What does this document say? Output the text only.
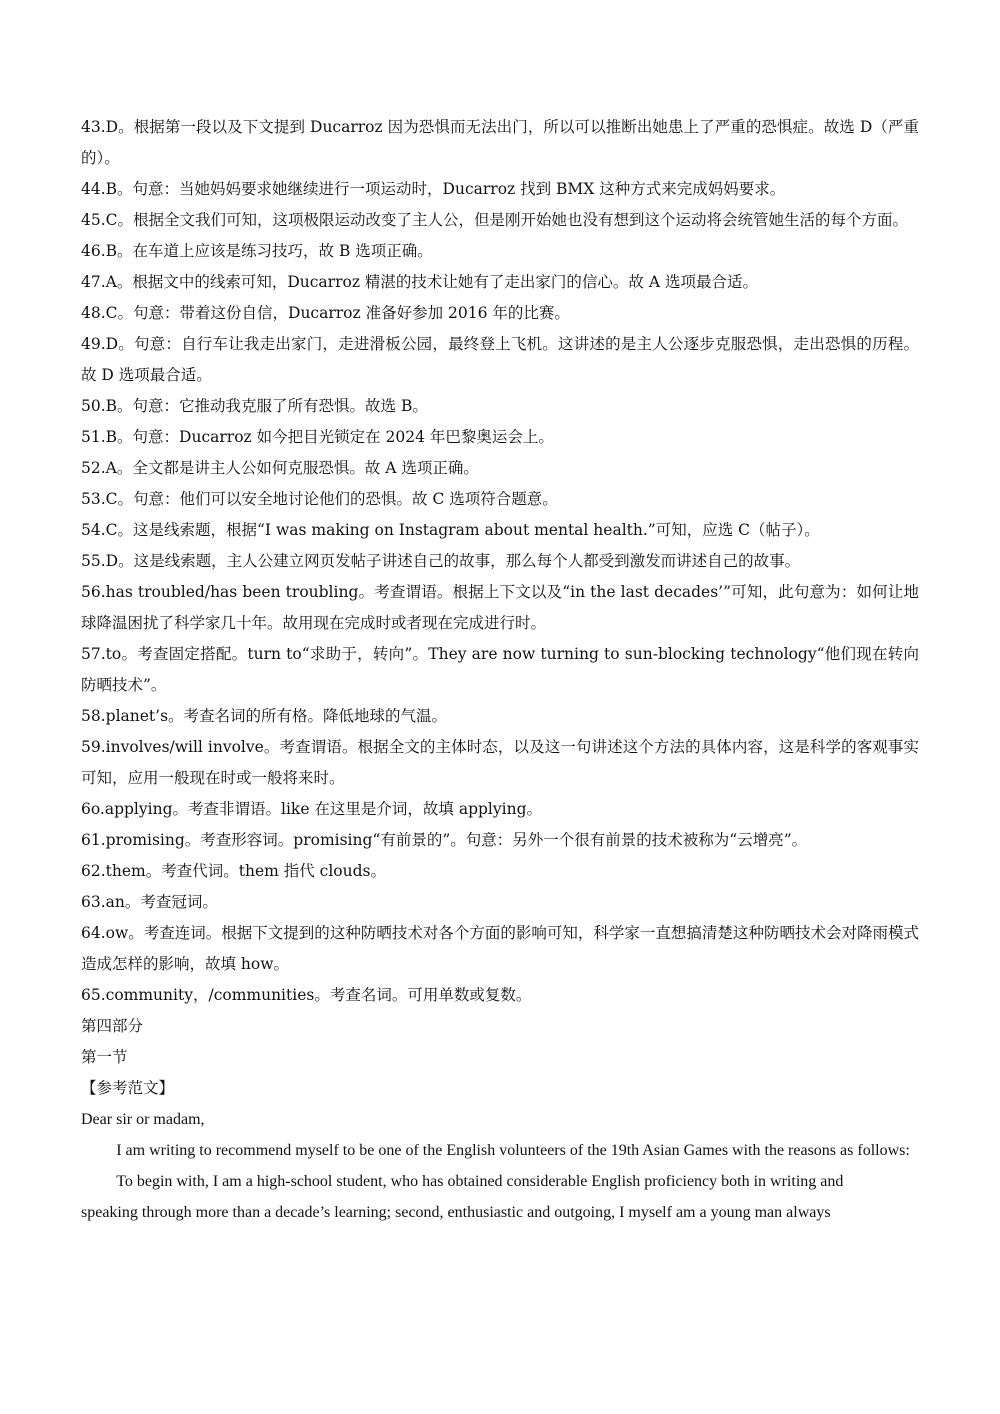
43.D。根据第一段以及下文提到 Ducarroz 因为恐惧而无法出门，所以可以推断出她患上了严重的恐惧症。故选 D（严重的）。
44.B。句意：当她妈妈要求她继续进行一项运动时，Ducarroz 找到 BMX 这种方式来完成妈妈要求。
45.C。根据全文我们可知，这项极限运动改变了主人公，但是刚开始她也没有想到这个运动将会统管她生活的每个方面。
46.B。在车道上应该是练习技巧，故 B 选项正确。
47.A。根据文中的线索可知，Ducarroz 精湛的技术让她有了走出家门的信心。故 A 选项最合适。
48.C。句意：带着这份自信，Ducarroz 准备好参加 2016 年的比赛。
49.D。句意：自行车让我走出家门，走进滑板公园，最终登上飞机。这讲述的是主人公逐步克服恐惧，走出恐惧的历程。故 D 选项最合适。
50.B。句意：它推动我克服了所有恐惧。故选 B。
51.B。句意：Ducarroz 如今把目光锁定在 2024 年巴黎奥运会上。
52.A。全文都是讲主人公如何克服恐惧。故 A 选项正确。
53.C。句意：他们可以安全地讨论他们的恐惧。故 C 选项符合题意。
54.C。这是线索题，根据“I was making on Instagram about mental health.”可知，应选 C（帖子）。
55.D。这是线索题，主人公建立网页发帖子讲述自己的故事，那么每个人都受到激发而讲述自己的故事。
56.has troubled/has been troubling。考查谓语。根据上下文以及“in the last decades’”可知，此句意为：如何让地球降温困扰了科学家几十年。故用现在完成时或者现在完成进行时。
57.to。考查固定搭配。turn to“求助于，转向”。They are now turning to sun-blocking technology“他们现在转向防晒技术”。
58.planet’s。考查名词的所有格。降低地球的气温。
59.involves/will involve。考查谓语。根据全文的主体时态，以及这一句讲述这个方法的具体内容，这是科学的客观事实可知，应用一般现在时或一般将来时。
6o.applying。考查非谓语。like 在这里是介词，故填 applying。
61.promising。考查形容词。promising“有前景的”。句意：另外一个很有前景的技术被称为“云增亮”。
62.them。考查代词。them 指代 clouds。
63.an。考查冠词。
64.ow。考查连词。根据下文提到的这种防晒技术对各个方面的影响可知，科学家一直想搞清楚这种防晒技术会对降雨模式造成怎样的影响，故填 how。
65.community，/communities。考查名词。可用单数或复数。
第四部分
第一节
【参考范文】
Dear sir or madam,
I am writing to recommend myself to be one of the English volunteers of the 19th Asian Games with the reasons as follows:
To begin with, I am a high-school student, who has obtained considerable English proficiency both in writing and
speaking through more than a decade’s learning; second, enthusiastic and outgoing, I myself am a young man always
